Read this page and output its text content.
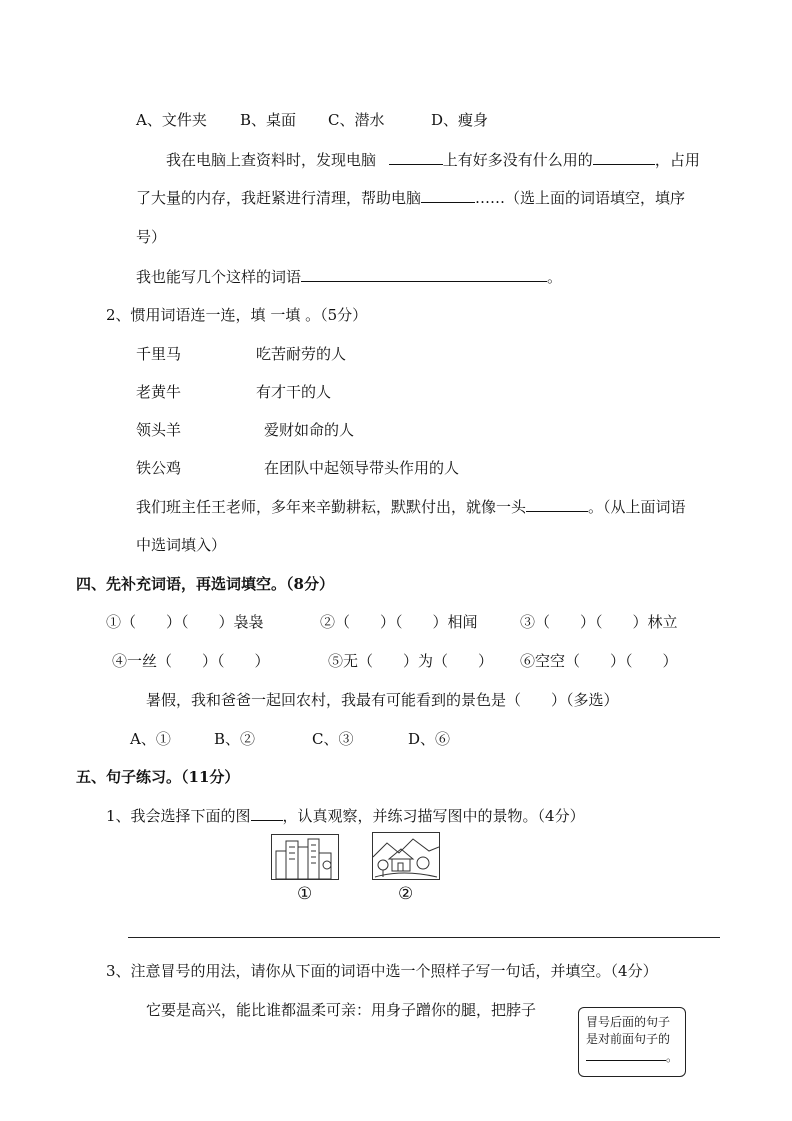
A、文件夹 B、桌面 C、潜水	D、瘦身
我在电脑上查资料时，发现电脑	上有好多没有什么用的	，占用
了大量的内存，我赶紧进行清理，帮助电脑	……（选上面的词语填空，填序
号）
我也能写几个这样的词语	。
2、惯用词语连一连，填 一填 。（5分）
千里马	吃苦耐劳的人
老黄牛	有才干的人
领头羊	爱财如命的人
铁公鸡	在团队中起领导带头作用的人
我们班主任王老师，多年来辛勤耕耘，默默付出，就像一头	。（从上面词语
中选词填入）
四、先补充词语，再选词填空。（8分）
①（　　）（　　）袅袅	②（　　）（　　）相闻	③（　　）（　　）林立
④一丝（　　）（　　）	⑤无（　　）为（　　） ⑥空空（　　）（　　）
暑假，我和爸爸一起回农村，我最有可能看到的景色是（　　）（多选）
A、①	B、②	C、③	D、⑥
五、句子练习。（11分）
1、我会选择下面的图 ，认真观察，并练习描写图中的景物。（4分）
①	②
3、注意冒号的用法，请你从下面的词语中选一个照样子写一句话，并填空。（4分）
它要是高兴，能比谁都温柔可亲：用身子蹭你的腿，把脖子
冒号后面的句子
是对前面句子的
。
